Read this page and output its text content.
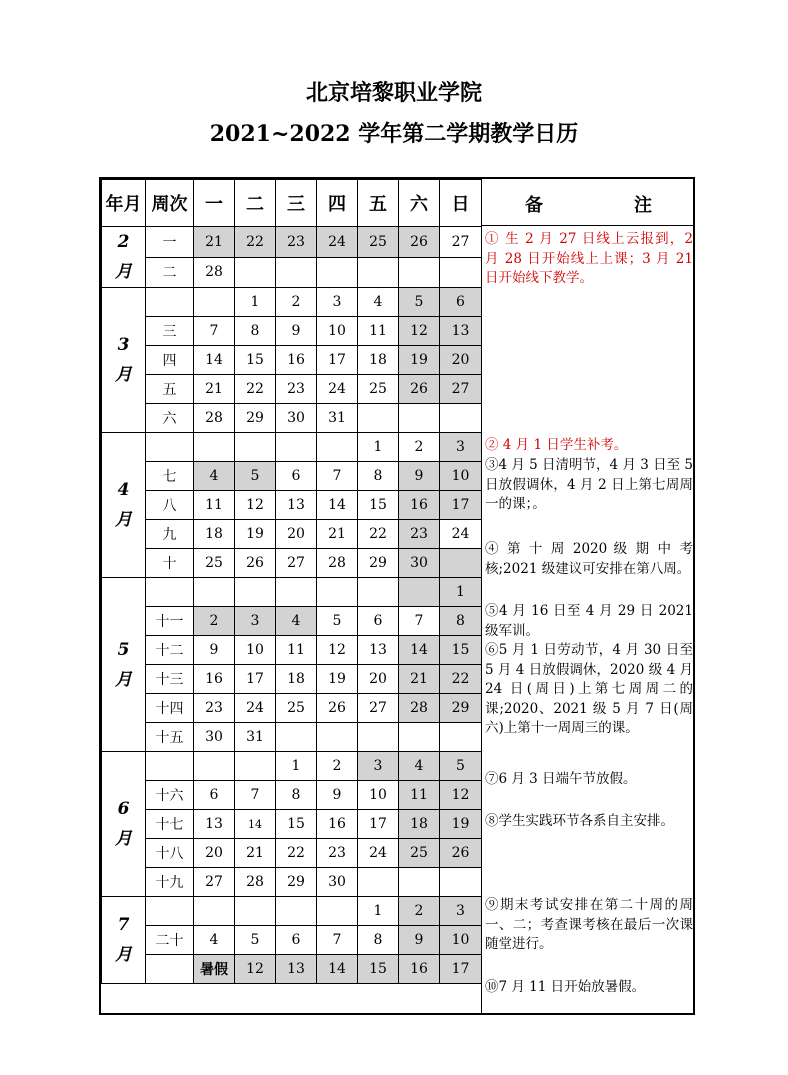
北京培黎职业学院
2021~2022 学年第二学期教学日历
年月	周次	一	二	三	四	五	六	日
2
月	一	21	22	23	24	25	26	27
	二	28						
3
月			1	2	3	4	5	6
	三	7	8	9	10	11	12	13
	四	14	15	16	17	18	19	20
	五	21	22	23	24	25	26	27
	六	28	29	30	31			
4
月						1	2	3
	七	4	5	6	7	8	9	10
	八	11	12	13	14	15	16	17
	九	18	19	20	21	22	23	24
	十	25	26	27	28	29	30	
5
月								1
	十一	2	3	4	5	6	7	8
	十二	9	10	11	12	13	14	15
	十三	16	17	18	19	20	21	22
	十四	23	24	25	26	27	28	29
	十五	30	31					
6
月				1	2	3	4	5
	十六	6	7	8	9	10	11	12
	十七	13	14	15	16	17	18	19
	十八	20	21	22	23	24	25	26
	十九	27	28	29	30			
7
月						1	2	3
	二十	4	5	6	7	8	9	10
		暑假	12	13	14	15	16	17
备	注
① 生 2 月 27 日线上云报到，2 月 28 日开始线上上课；3 月 21 日开始线下教学。
② 4 月 1 日学生补考。
③4 月 5 日清明节，4 月 3 日至 5 日放假调休，4 月 2 日上第七周周一的课；。
④ 第 十 周 2020 级 期 中 考核;2021 级建议可安排在第八周。
⑤4 月 16 日至 4 月 29 日 2021 级军训。
⑥5 月 1 日劳动节，4 月 30 日至 5 月 4 日放假调休，2020 级 4 月 24 日(周日)上第七周周二的课;2020、2021 级 5 月 7 日(周六)上第十一周周三的课。
⑦6 月 3 日端午节放假。
⑧学生实践环节各系自主安排。
⑨期末考试安排在第二十周的周一、二；考查课考核在最后一次课随堂进行。
⑩7 月 11 日开始放暑假。
